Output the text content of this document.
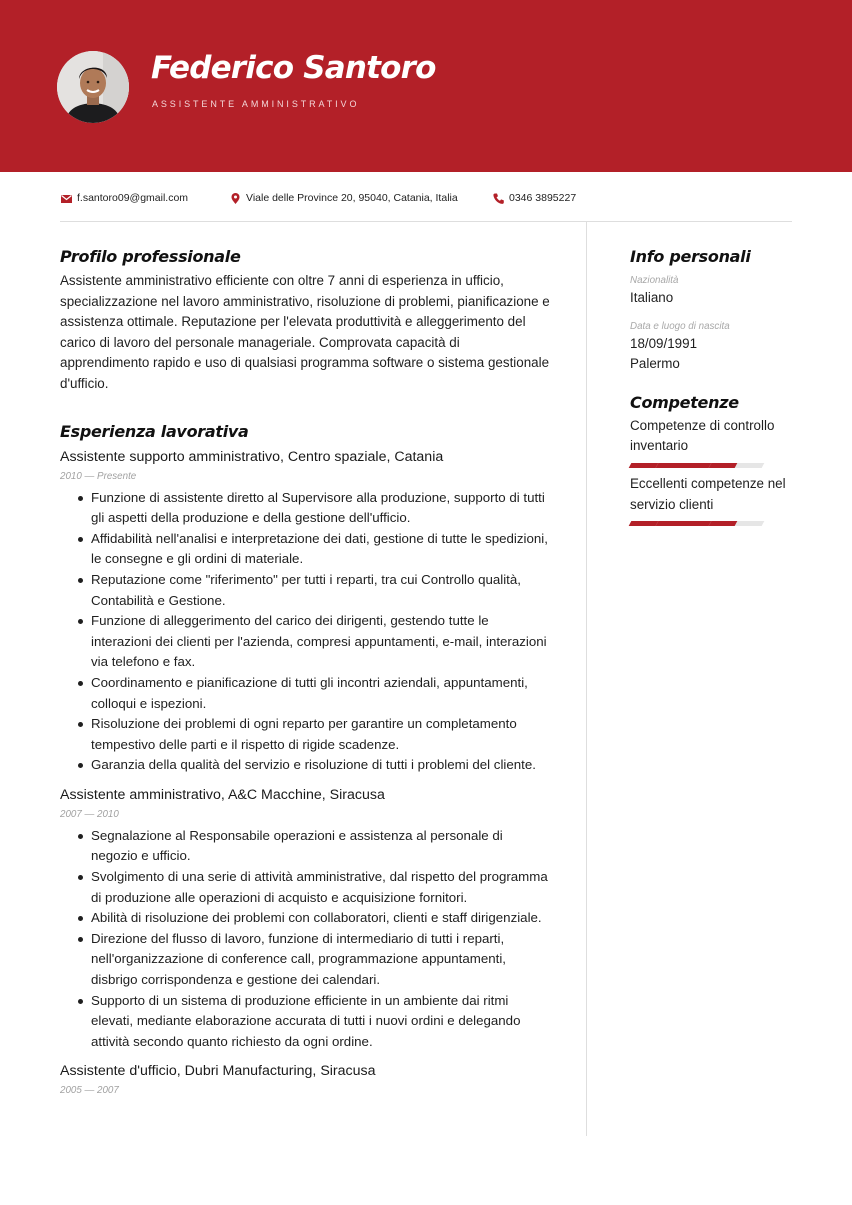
Federico Santoro
ASSISTENTE AMMINISTRATIVO
f.santoro09@gmail.com	Viale delle Province 20, 95040, Catania, Italia	0346 3895227
Profilo professionale

Assistente amministrativo efficiente con oltre 7 anni di esperienza in ufficio, specializzazione nel lavoro amministrativo, risoluzione di problemi, pianificazione e assistenza ottimale. Reputazione per l'elevata produttività e alleggerimento del carico di lavoro del personale manageriale. Comprovata capacità di apprendimento rapido e uso di qualsiasi programma software o sistema gestionale d'ufficio.

Esperienza lavorativa
Assistente supporto amministrativo, Centro spaziale, Catania
2010 — Presente
Funzione di assistente diretto al Supervisore alla produzione, supporto di tutti gli aspetti della produzione e della gestione dell'ufficio.
Affidabilità nell'analisi e interpretazione dei dati, gestione di tutte le spedizioni, le consegne e gli ordini di materiale.
Reputazione come "riferimento" per tutti i reparti, tra cui Controllo qualità, Contabilità e Gestione.
Funzione di alleggerimento del carico dei dirigenti, gestendo tutte le interazioni dei clienti per l'azienda, compresi appuntamenti, e-mail, interazioni via telefono e fax.
Coordinamento e pianificazione di tutti gli incontri aziendali, appuntamenti, colloqui e ispezioni.
Risoluzione dei problemi di ogni reparto per garantire un completamento tempestivo delle parti e il rispetto di rigide scadenze.
Garanzia della qualità del servizio e risoluzione di tutti i problemi del cliente.
Assistente amministrativo, A&C Macchine, Siracusa
2007 — 2010
Segnalazione al Responsabile operazioni e assistenza al personale di negozio e ufficio.
Svolgimento di una serie di attività amministrative, dal rispetto del programma di produzione alle operazioni di acquisto e acquisizione fornitori.
Abilità di risoluzione dei problemi con collaboratori, clienti e staff dirigenziale.
Direzione del flusso di lavoro, funzione di intermediario di tutti i reparti, nell'organizzazione di conference call, programmazione appuntamenti, disbrigo corrispondenza e gestione dei calendari.
Supporto di un sistema di produzione efficiente in un ambiente dai ritmi elevati, mediante elaborazione accurata di tutti i nuovi ordini e delegando attività secondo quanto richiesto da ogni ordine.
Assistente d'ufficio, Dubri Manufacturing, Siracusa
2005 — 2007
Info personali
Nazionalità
Italiano
Data e luogo di nascita
18/09/1991
Palermo
Competenze
Competenze di controllo inventario
Eccellenti competenze nel servizio clienti
